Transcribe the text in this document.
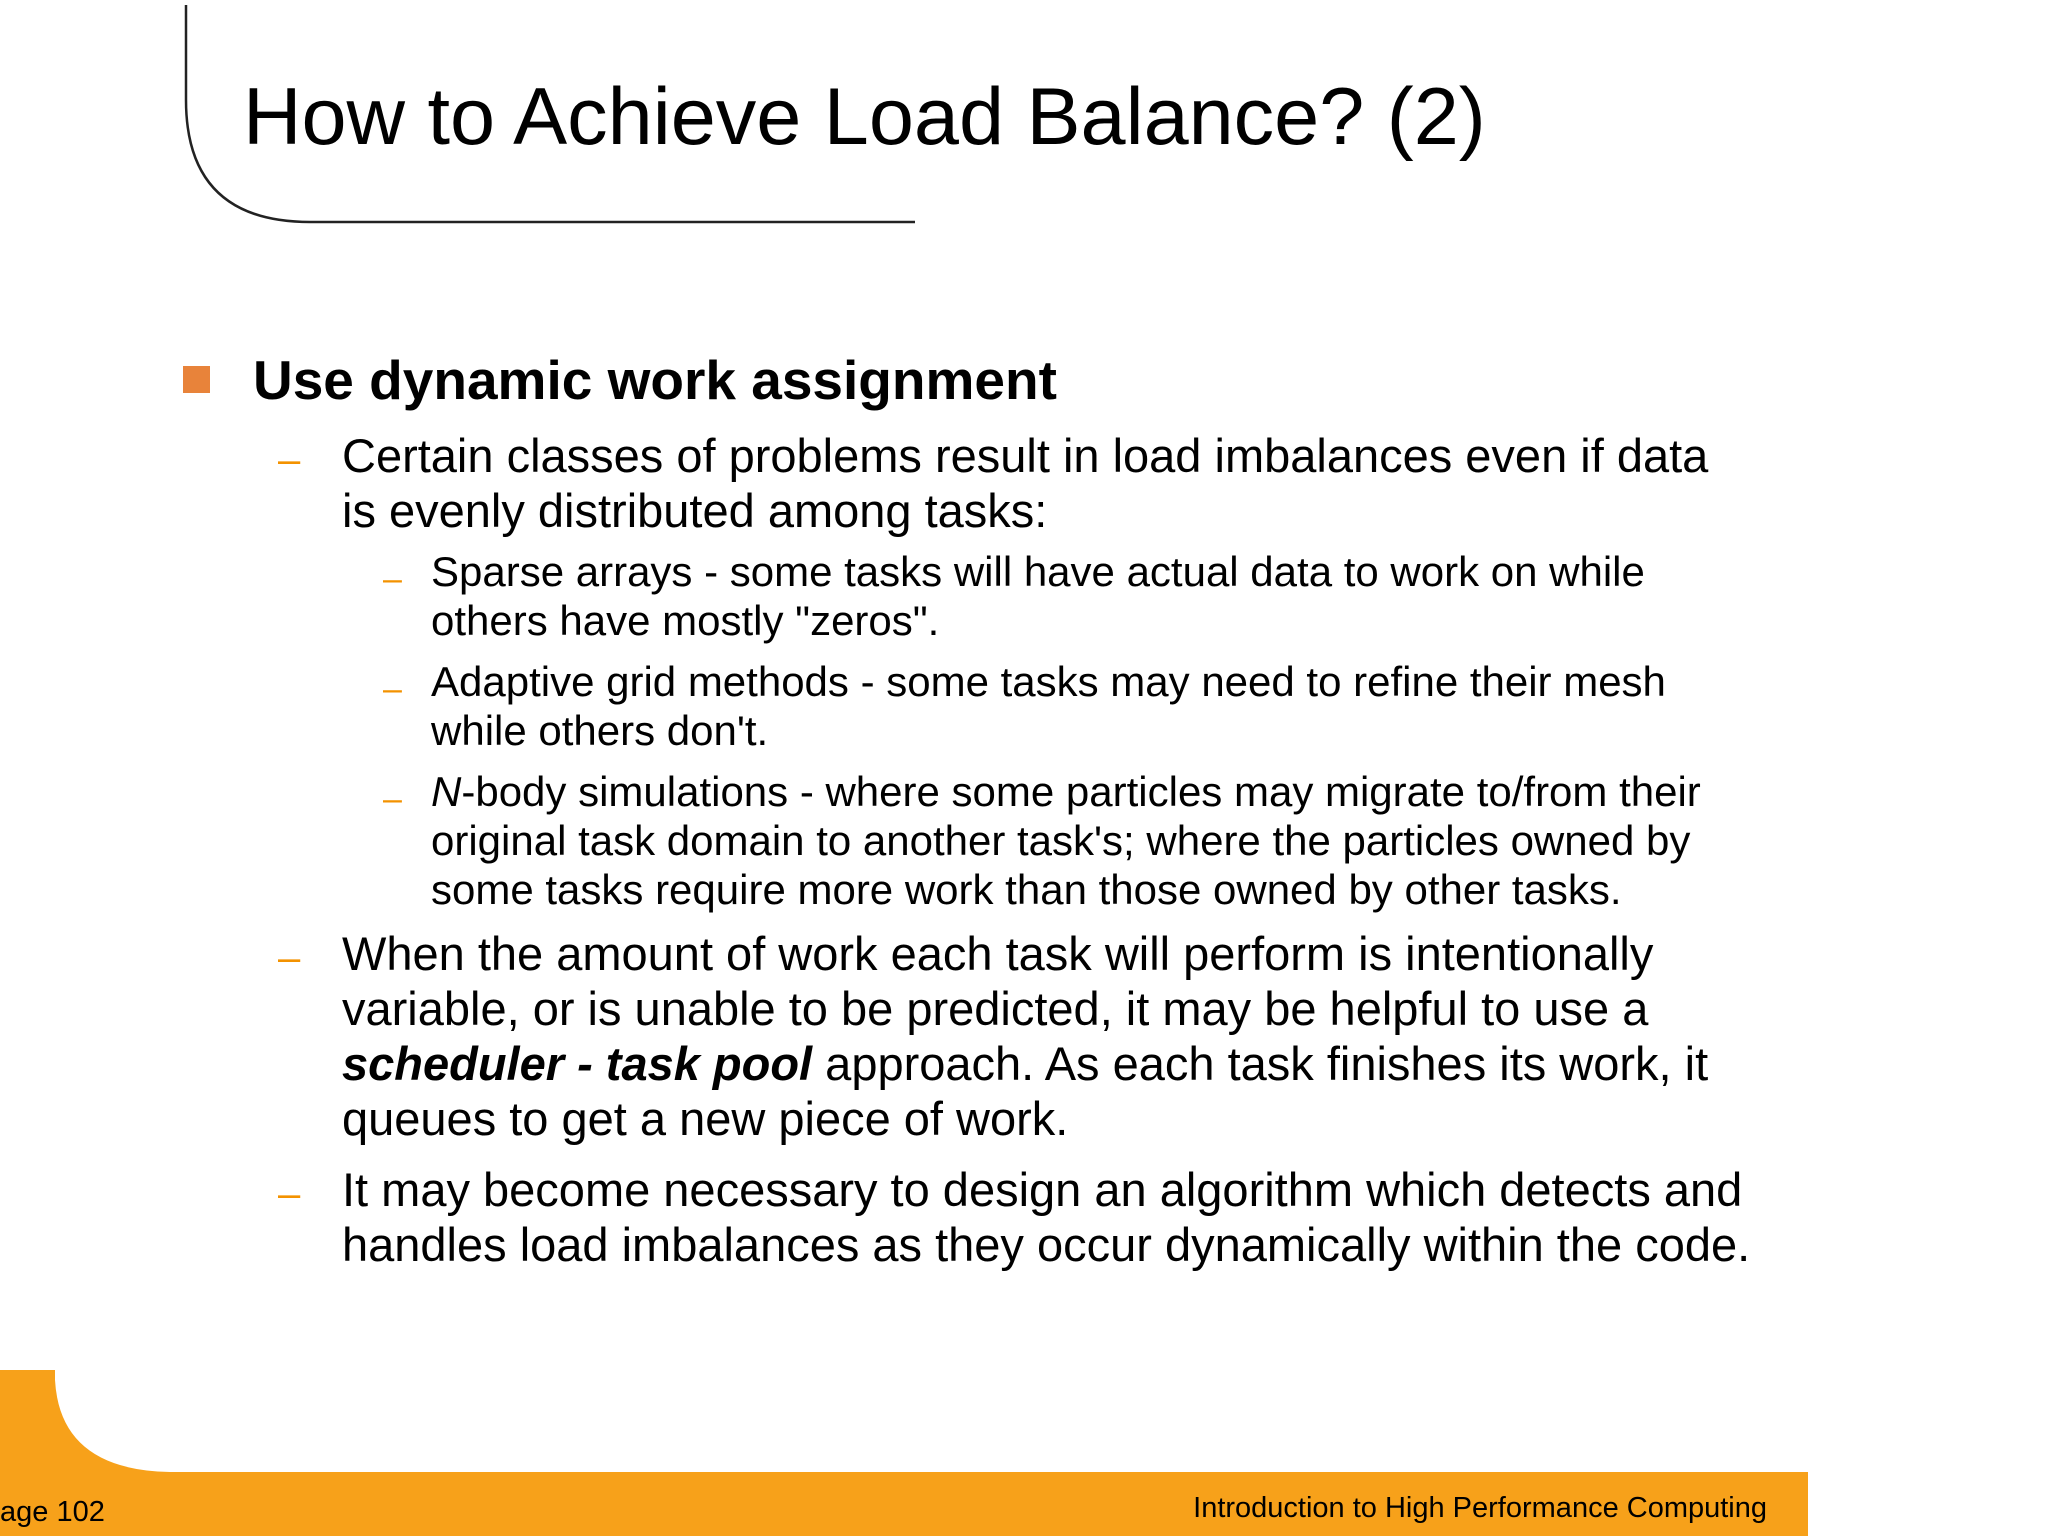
How to Achieve Load Balance? (2)
Use dynamic work assignment
– Certain classes of problems result in load imbalances even if data
is evenly distributed among tasks:
– Sparse arrays - some tasks will have actual data to work on while
others have mostly "zeros".
– Adaptive grid methods - some tasks may need to refine their mesh
while others don't.
– N-body simulations - where some particles may migrate to/from their
original task domain to another task's; where the particles owned by
some tasks require more work than those owned by other tasks.
– When the amount of work each task will perform is intentionally
variable, or is unable to be predicted, it may be helpful to use a
scheduler - task pool approach. As each task finishes its work, it
queues to get a new piece of work.
– It may become necessary to design an algorithm which detects and
handles load imbalances as they occur dynamically within the code.
age 102	Introduction to High Performance Computing
